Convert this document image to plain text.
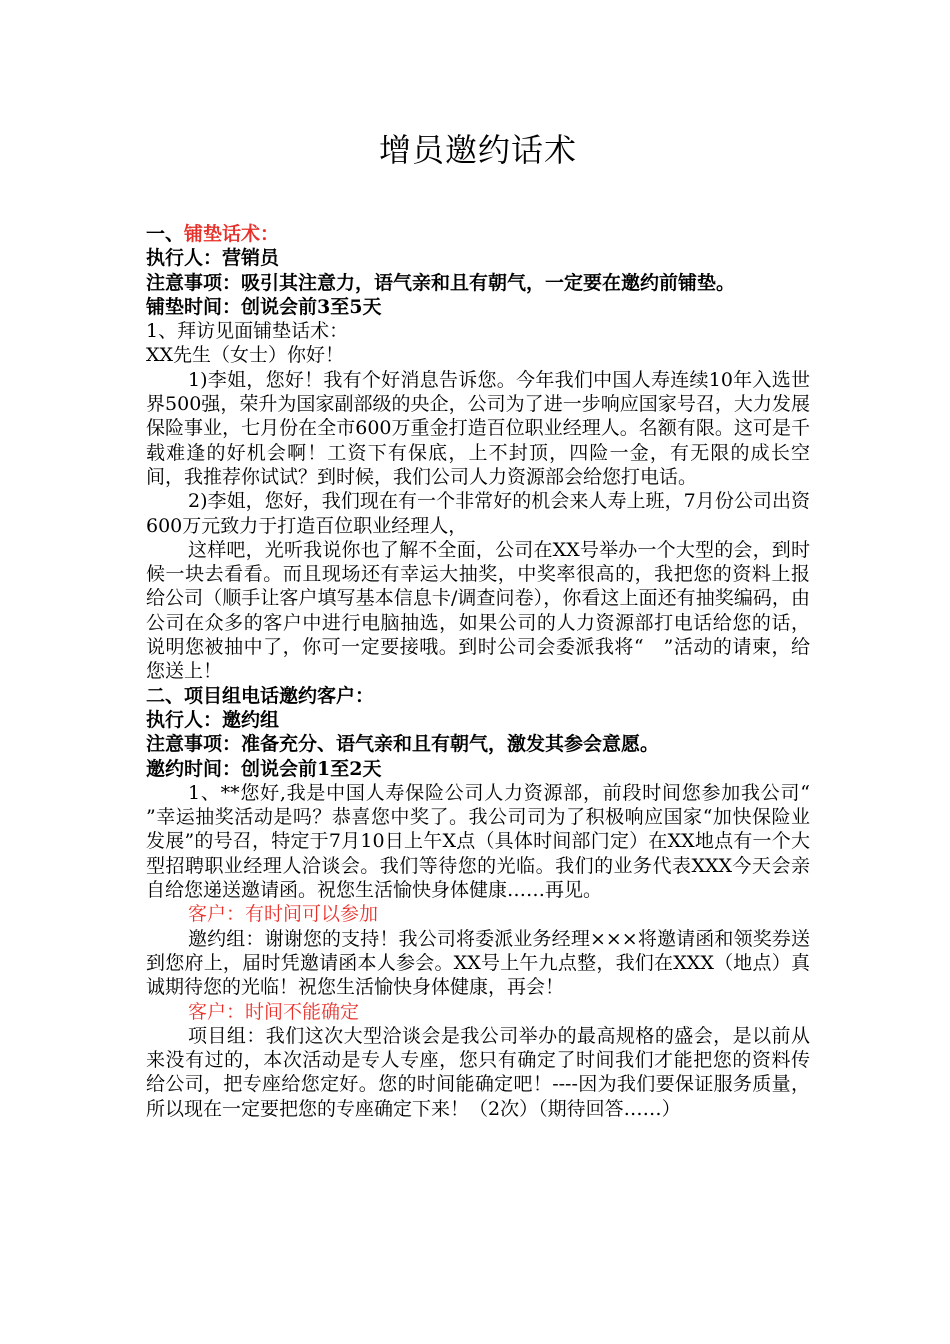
增员邀约话术
一、铺垫话术：
执行人：营销员
注意事项：吸引其注意力，语气亲和且有朝气，一定要在邀约前铺垫。
铺垫时间：创说会前3至5天
1、拜访见面铺垫话术：
XX先生（女士）你好！
1)李姐，您好！我有个好消息告诉您。今年我们中国人寿连续10年入选世界500强，荣升为国家副部级的央企，公司为了进一步响应国家号召，大力发展保险事业，七月份在全市600万重金打造百位职业经理人。名额有限。这可是千载难逢的好机会啊！工资下有保底，上不封顶，四险一金，有无限的成长空间，我推荐你试试？到时候，我们公司人力资源部会给您打电话。
2)李姐，您好，我们现在有一个非常好的机会来人寿上班，7月份公司出资600万元致力于打造百位职业经理人，
这样吧，光听我说你也了解不全面，公司在XX号举办一个大型的会，到时候一块去看看。而且现场还有幸运大抽奖，中奖率很高的，我把您的资料上报给公司（顺手让客户填写基本信息卡/调查问卷），你看这上面还有抽奖编码，由公司在众多的客户中进行电脑抽选，如果公司的人力资源部打电话给您的话，说明您被抽中了，你可一定要接哦。到时公司会委派我将“　”活动的请柬，给您送上！
二、项目组电话邀约客户：
执行人：邀约组
注意事项：准备充分、语气亲和且有朝气，激发其参会意愿。
邀约时间：创说会前1至2天
1、**您好,我是中国人寿保险公司人力资源部，前段时间您参加我公司“　　”幸运抽奖活动是吗？恭喜您中奖了。我公司司为了积极响应国家“加快保险业发展”的号召，特定于7月10日上午X点（具体时间部门定）在XX地点有一个大型招聘职业经理人洽谈会。我们等待您的光临。我们的业务代表XXX今天会亲自给您递送邀请函。祝您生活愉快身体健康……再见。
客户：有时间可以参加
邀约组：谢谢您的支持！我公司将委派业务经理×××将邀请函和领奖券送到您府上，届时凭邀请函本人参会。XX号上午九点整，我们在XXX（地点）真诚期待您的光临！祝您生活愉快身体健康，再会！
客户：时间不能确定
项目组：我们这次大型洽谈会是我公司举办的最高规格的盛会，是以前从来没有过的，本次活动是专人专座，您只有确定了时间我们才能把您的资料传给公司，把专座给您定好。您的时间能确定吧！----因为我们要保证服务质量，所以现在一定要把您的专座确定下来！（2次）（期待回答……）
